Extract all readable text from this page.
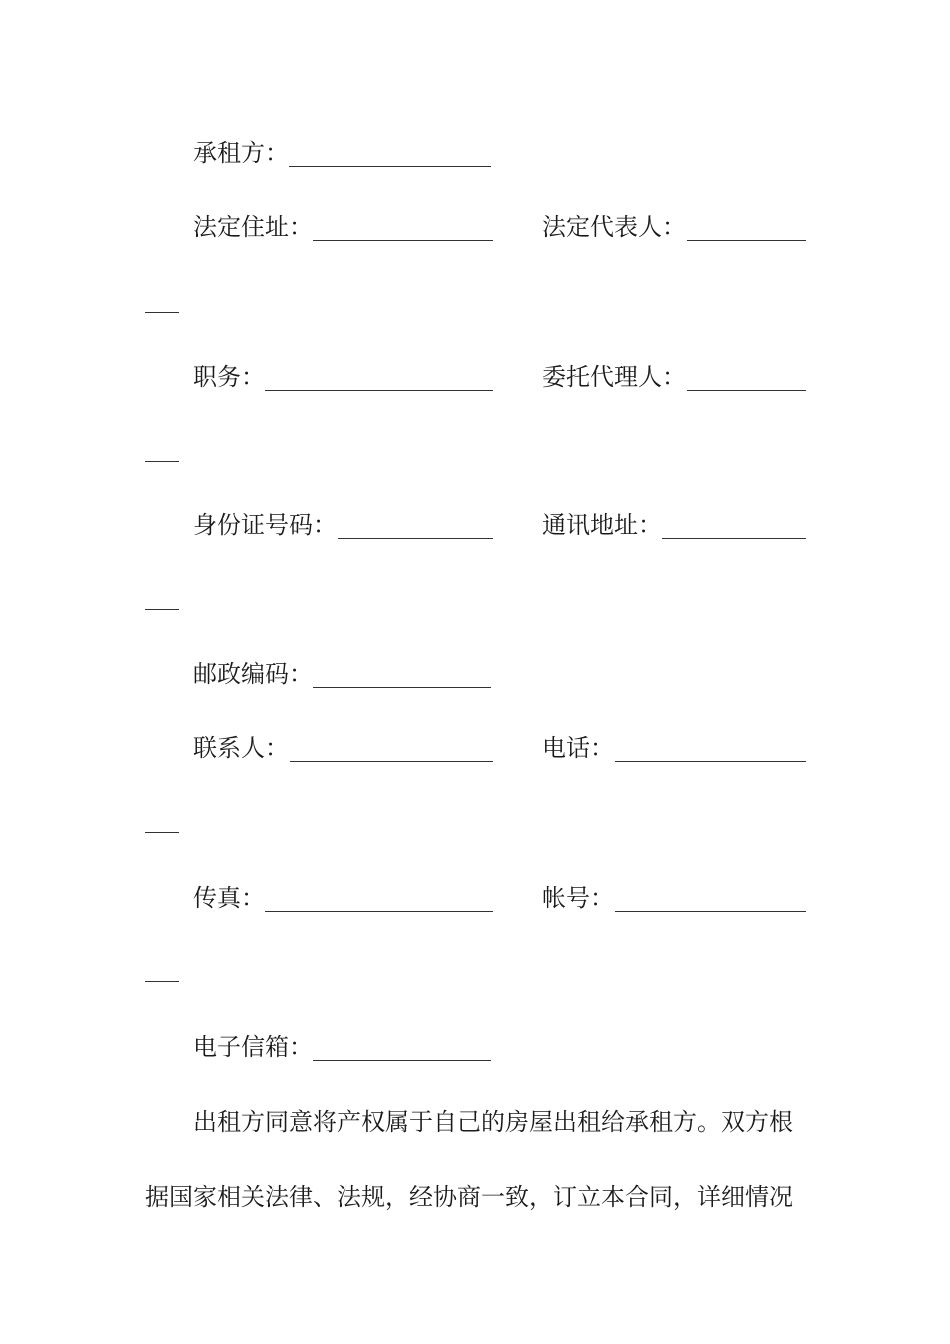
承租方：
法定住址：	法定代表人：
职务：	委托代理人：
身份证号码：	通讯地址：
邮政编码：
联系人：	电话：
传真：	帐号：
电子信箱：
出租方同意将产权属于自己的房屋出租给承租方。双方根
据国家相关法律、法规，经协商一致，订立本合同，详细情况
